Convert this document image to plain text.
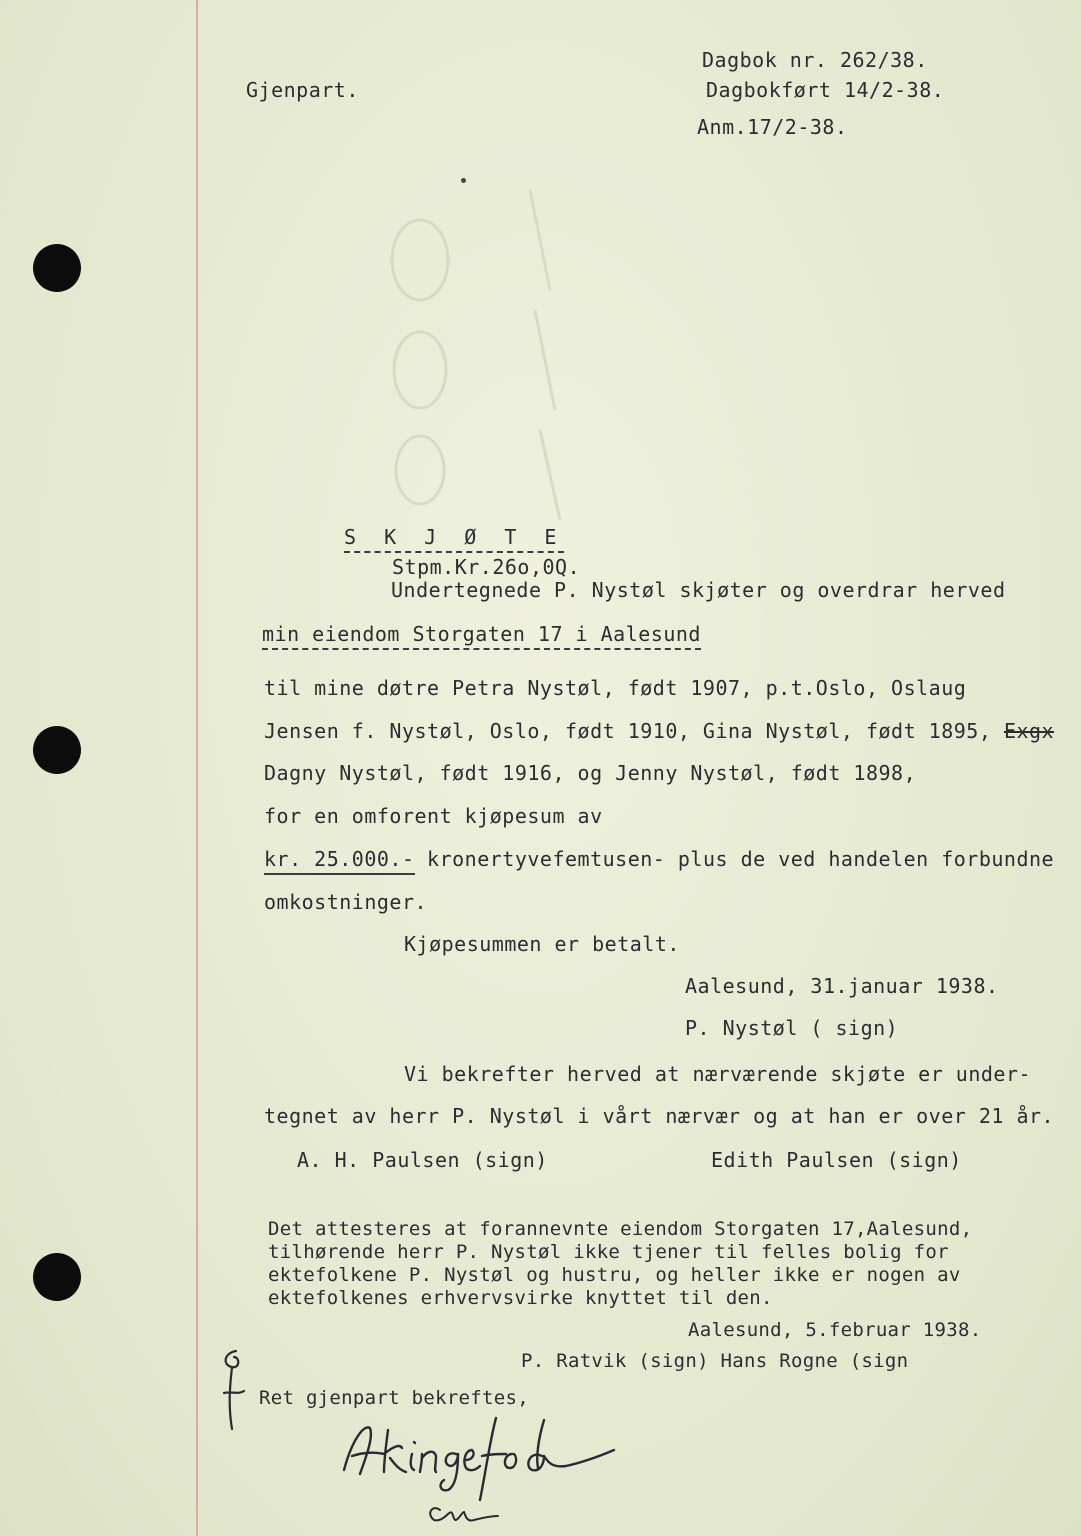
Gjenpart.
Dagbok nr. 262/38.
Dagbokført 14/2-38.
Anm.17/2-38.
S K J Ø T E
Stpm.Kr.26o,0Q.
Undertegnede P. Nystøl skjøter og overdrar herved
min eiendom Storgaten 17 i Aalesund
til mine døtre Petra Nystøl, født 1907, p.t.Oslo, Oslaug
Jensen f. Nystøl, Oslo, født 1910, Gina Nystøl, født 1895, Exgx
Dagny Nystøl, født 1916, og Jenny Nystøl, født 1898,
for en omforent kjøpesum av
kr. 25.000.- kronertyvefemtusen- plus de ved handelen forbundne
omkostninger.
Kjøpesummen er betalt.
Aalesund, 31.januar 1938.
P. Nystøl ( sign)
Vi bekrefter herved at nærværende skjøte er under-
tegnet av herr P. Nystøl i vårt nærvær og at han er over 21 år.
A. H. Paulsen (sign)	Edith Paulsen (sign)
Det attesteres at forannevnte eiendom Storgaten 17,Aalesund,
tilhørende herr P. Nystøl ikke tjener til felles bolig for
ektefolkene P. Nystøl og hustru, og heller ikke er nogen av
ektefolkenes erhvervsvirke knyttet til den.
Aalesund, 5.februar 1938.
P. Ratvik (sign) Hans Rogne (sign
Ret gjenpart bekreftes,
